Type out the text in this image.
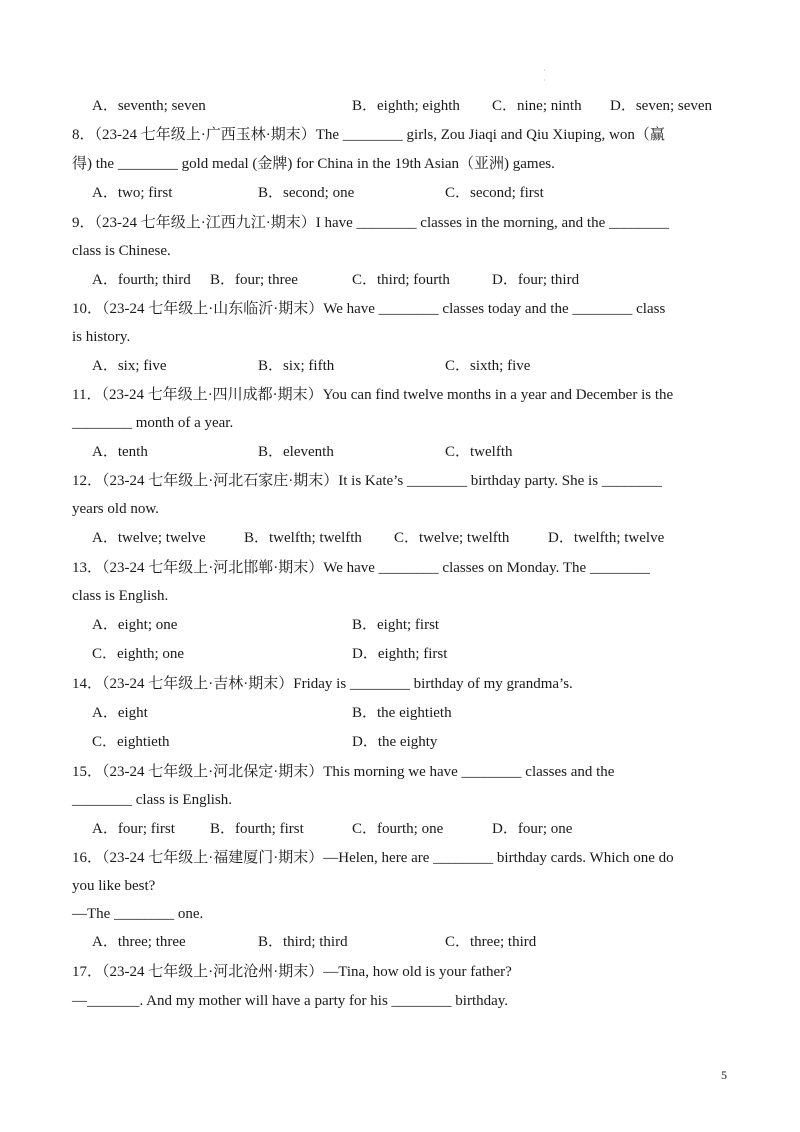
·
·
A．seventh; seven	B．eighth; eighth C．nine; ninth D．seven; seven
8．（23-24 七年级上·广西玉林·期末）The ________ girls, Zou Jiaqi and Qiu Xiuping, won（赢
得) the ________ gold medal (金牌) for China in the 19th Asian（亚洲) games.
A．two; first	B．second; one	C．second; first
9．（23-24 七年级上·江西九江·期末）I have ________ classes in the morning, and the ________
class is Chinese.
A．fourth; third B．four; three	C．third; fourth	D．four; third
10．（23-24 七年级上·山东临沂·期末）We have ________ classes today and the ________ class
is history.
A．six; five	B．six; fifth	C．sixth; five
11．（23-24 七年级上·四川成都·期末）You can find twelve months in a year and December is the
________ month of a year.
A．tenth	B．eleventh	C．twelfth
12．（23-24 七年级上·河北石家庄·期末）It is Kate’s ________ birthday party. She is ________
years old now.
A．twelve; twelve	B．twelfth; twelfth C．twelve; twelfth	D．twelfth; twelve
13．（23-24 七年级上·河北邯郸·期末）We have ________ classes on Monday. The ________
class is English.
A．eight; one	B．eight; first
C．eighth; one	D．eighth; first
14．（23-24 七年级上·吉林·期末）Friday is ________ birthday of my grandma’s.
A．eight	B．the eightieth
C．eightieth	D．the eighty
15．（23-24 七年级上·河北保定·期末）This morning we have ________ classes and the
________ class is English.
A．four; first B．fourth; first	C．fourth; one	D．four; one
16．（23-24 七年级上·福建厦门·期末）—Helen, here are ________ birthday cards. Which one do
you like best?
—The ________ one.
A．three; three	B．third; third	C．three; third
17．（23-24 七年级上·河北沧州·期末）—Tina, how old is your father?
—_______. And my mother will have a party for his ________ birthday.
5
